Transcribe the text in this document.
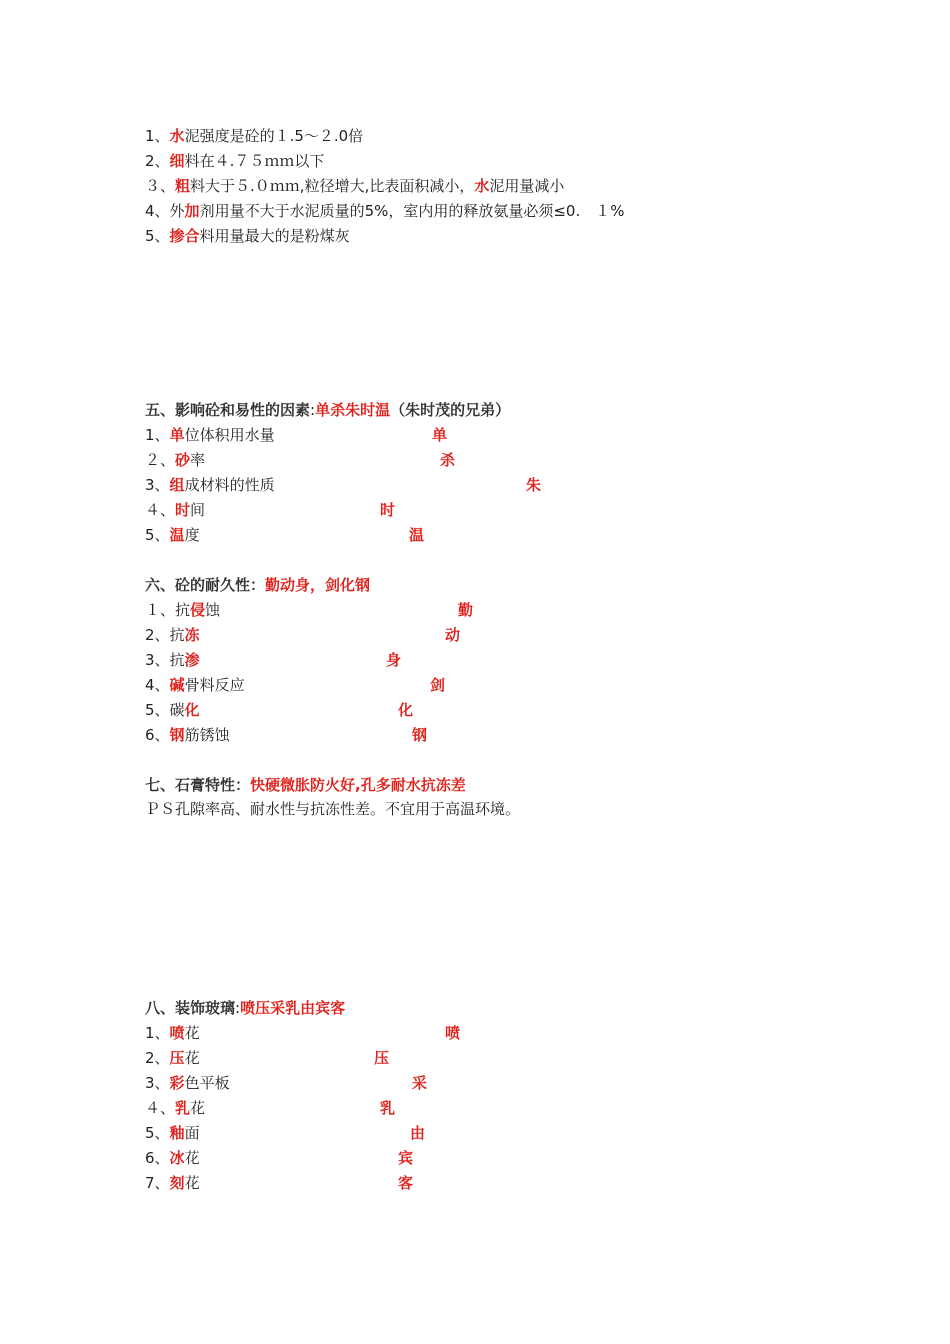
1、水泥强度是砼的１.5～２.0倍
2、细料在４.７５ｍｍ以下
３、粗料大于５.０ｍｍ,粒径增大,比表面积减小，水泥用量减小
4、外加剂用量不大于水泥质量的5%，室内用的释放氨量必须≤0.　１%
5、掺合料用量最大的是粉煤灰
五、影响砼和易性的因素:单杀朱时温（朱时茂的兄弟）
1、单位体积用水量	单
２、砂率	杀
3、组成材料的性质	朱
４、时间	时
5、温度	温
六、砼的耐久性：勤动身，剑化钢
１、抗侵蚀	勤
2、抗冻	动
3、抗渗	身
4、碱骨料反应	剑
5、碳化	化
6、钢筋锈蚀	钢
七、石膏特性：快硬微胀防火好,孔多耐水抗冻差
ＰＳ孔隙率高、耐水性与抗冻性差。不宜用于高温环境。
八、装饰玻璃:喷压采乳由宾客
1、喷花	喷
2、压花	压
3、彩色平板	采
４、乳花	乳
5、釉面	由
6、冰花	宾
7、刻花	客
